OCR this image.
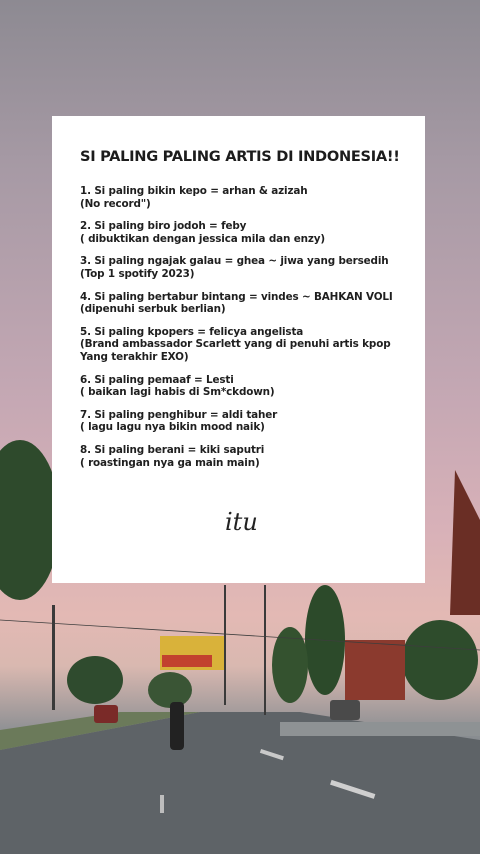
SI PALING PALING ARTIS DI INDONESIA!!
1. Si paling bikin kepo = arhan & azizah
(No record")
2. Si paling biro jodoh = feby
( dibuktikan dengan jessica mila dan enzy)
3. Si paling ngajak galau = ghea ~ jiwa yang bersedih
(Top 1 spotify 2023)
4. Si paling bertabur bintang = vindes ~ BAHKAN VOLI
(dipenuhi serbuk berlian)
5. Si paling kpopers = felicya angelista
(Brand ambassador Scarlett yang di penuhi artis kpop
Yang terakhir EXO)
6. Si paling pemaaf = Lesti
( baikan lagi habis di Sm*ckdown)
7. Si paling penghibur = aldi taher
( lagu lagu nya bikin mood naik)
8. Si paling berani = kiki saputri
( roastingan nya ga main main)
itu
